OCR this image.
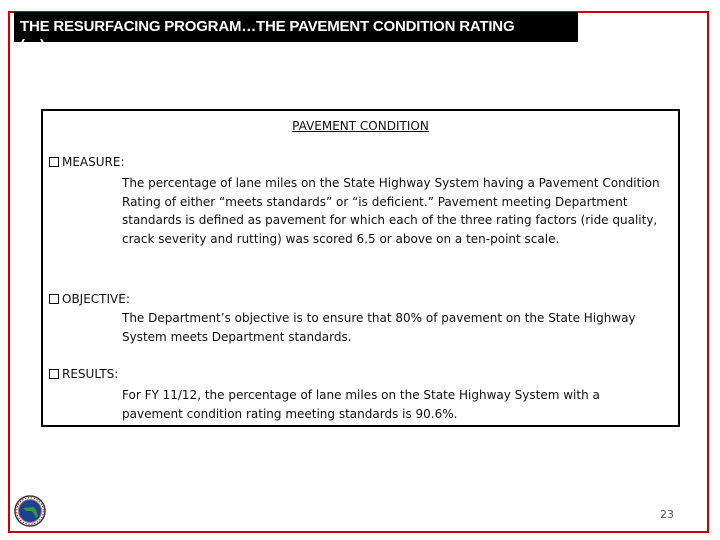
THE RESURFACING PROGRAM…THE PAVEMENT CONDITION RATING
(…)
PAVEMENT CONDITION
MEASURE:
The percentage of lane miles on the State Highway System having a Pavement Condition Rating of either “meets standards” or “is deficient.” Pavement meeting Department standards is defined as pavement for which each of the three rating factors (ride quality, crack severity and rutting) was scored 6.5 or above on a ten-point scale.
OBJECTIVE:
The Department’s objective is to ensure that 80% of pavement on the State Highway System meets Department standards.
RESULTS:
For FY 11/12, the percentage of lane miles on the State Highway System with a pavement condition rating meeting standards is 90.6%.
23
